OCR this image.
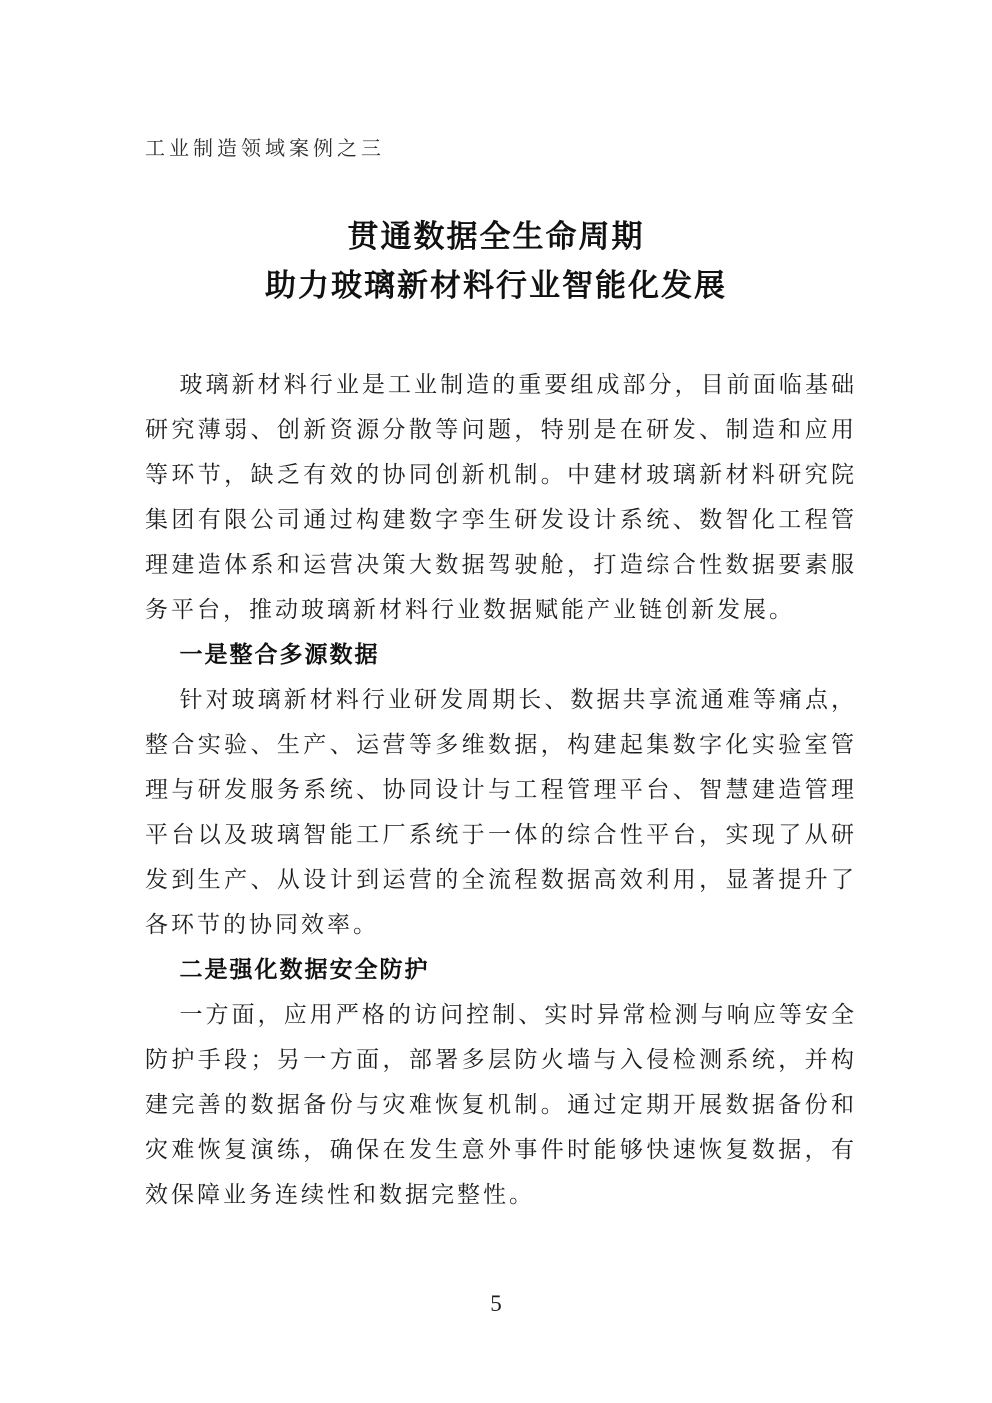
工业制造领域案例之三
贯通数据全生命周期
助力玻璃新材料行业智能化发展

玻璃新材料行业是工业制造的重要组成部分，目前面临基础研究薄弱、创新资源分散等问题，特别是在研发、制造和应用等环节，缺乏有效的协同创新机制。中建材玻璃新材料研究院集团有限公司通过构建数字孪生研发设计系统、数智化工程管理建造体系和运营决策大数据驾驶舱，打造综合性数据要素服务平台，推动玻璃新材料行业数据赋能产业链创新发展。

一是整合多源数据

针对玻璃新材料行业研发周期长、数据共享流通难等痛点，整合实验、生产、运营等多维数据，构建起集数字化实验室管理与研发服务系统、协同设计与工程管理平台、智慧建造管理平台以及玻璃智能工厂系统于一体的综合性平台，实现了从研发到生产、从设计到运营的全流程数据高效利用，显著提升了各环节的协同效率。

二是强化数据安全防护

一方面，应用严格的访问控制、实时异常检测与响应等安全防护手段；另一方面，部署多层防火墙与入侵检测系统，并构建完善的数据备份与灾难恢复机制。通过定期开展数据备份和灾难恢复演练，确保在发生意外事件时能够快速恢复数据，有效保障业务连续性和数据完整性。

5
